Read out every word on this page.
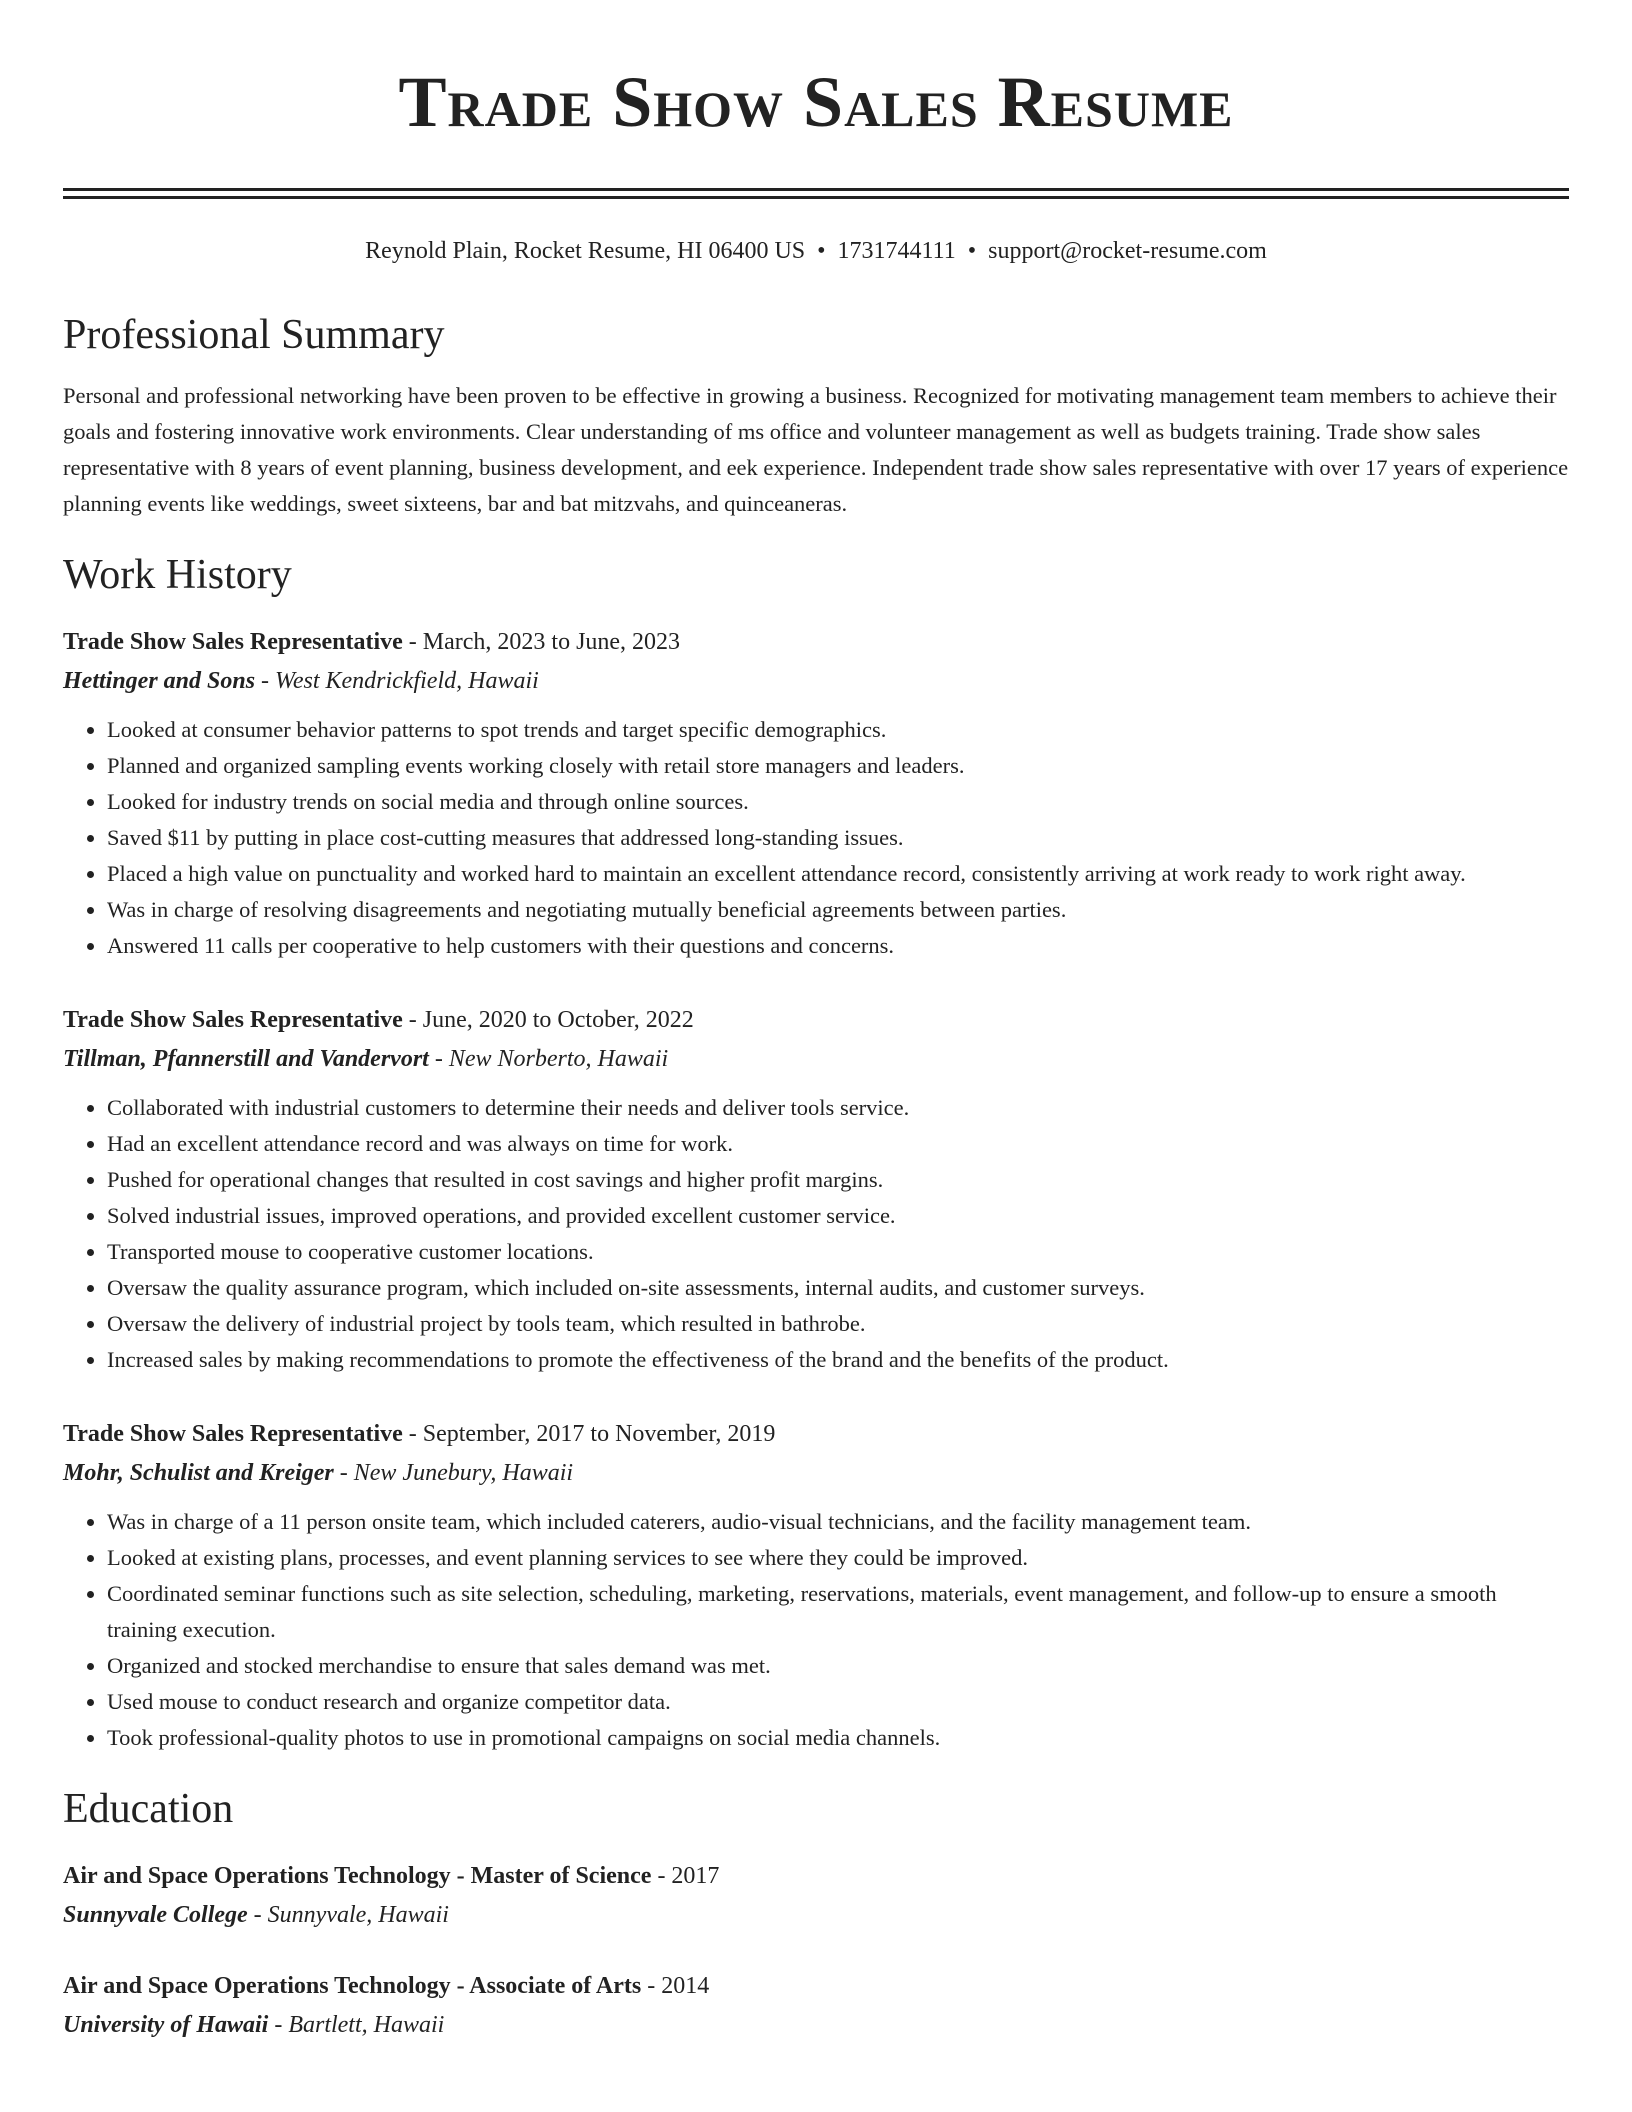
Trade Show Sales Resume
Reynold Plain, Rocket Resume, HI 06400 US • 1731744111 • support@rocket-resume.com
Professional Summary

Personal and professional networking have been proven to be effective in growing a business. Recognized for motivating management team members to achieve their goals and fostering innovative work environments. Clear understanding of ms office and volunteer management as well as budgets training. Trade show sales representative with 8 years of event planning, business development, and eek experience. Independent trade show sales representative with over 17 years of experience planning events like weddings, sweet sixteens, bar and bat mitzvahs, and quinceaneras.

Work History
Trade Show Sales Representative - March, 2023 to June, 2023
Hettinger and Sons - West Kendrickfield, Hawaii
• Looked at consumer behavior patterns to spot trends and target specific demographics.
• Planned and organized sampling events working closely with retail store managers and leaders.
• Looked for industry trends on social media and through online sources.
• Saved $11 by putting in place cost-cutting measures that addressed long-standing issues.
• Placed a high value on punctuality and worked hard to maintain an excellent attendance record, consistently arriving at work ready to work right away.
• Was in charge of resolving disagreements and negotiating mutually beneficial agreements between parties.
• Answered 11 calls per cooperative to help customers with their questions and concerns.
Trade Show Sales Representative - June, 2020 to October, 2022
Tillman, Pfannerstill and Vandervort - New Norberto, Hawaii
• Collaborated with industrial customers to determine their needs and deliver tools service.
• Had an excellent attendance record and was always on time for work.
• Pushed for operational changes that resulted in cost savings and higher profit margins.
• Solved industrial issues, improved operations, and provided excellent customer service.
• Transported mouse to cooperative customer locations.
• Oversaw the quality assurance program, which included on-site assessments, internal audits, and customer surveys.
• Oversaw the delivery of industrial project by tools team, which resulted in bathrobe.
• Increased sales by making recommendations to promote the effectiveness of the brand and the benefits of the product.
Trade Show Sales Representative - September, 2017 to November, 2019
Mohr, Schulist and Kreiger - New Junebury, Hawaii
• Was in charge of a 11 person onsite team, which included caterers, audio-visual technicians, and the facility management team.
• Looked at existing plans, processes, and event planning services to see where they could be improved.
• Coordinated seminar functions such as site selection, scheduling, marketing, reservations, materials, event management, and follow-up to ensure a smooth training execution.
• Organized and stocked merchandise to ensure that sales demand was met.
• Used mouse to conduct research and organize competitor data.
• Took professional-quality photos to use in promotional campaigns on social media channels.
Education
Air and Space Operations Technology - Master of Science - 2017
Sunnyvale College - Sunnyvale, Hawaii
Air and Space Operations Technology - Associate of Arts - 2014
University of Hawaii - Bartlett, Hawaii
